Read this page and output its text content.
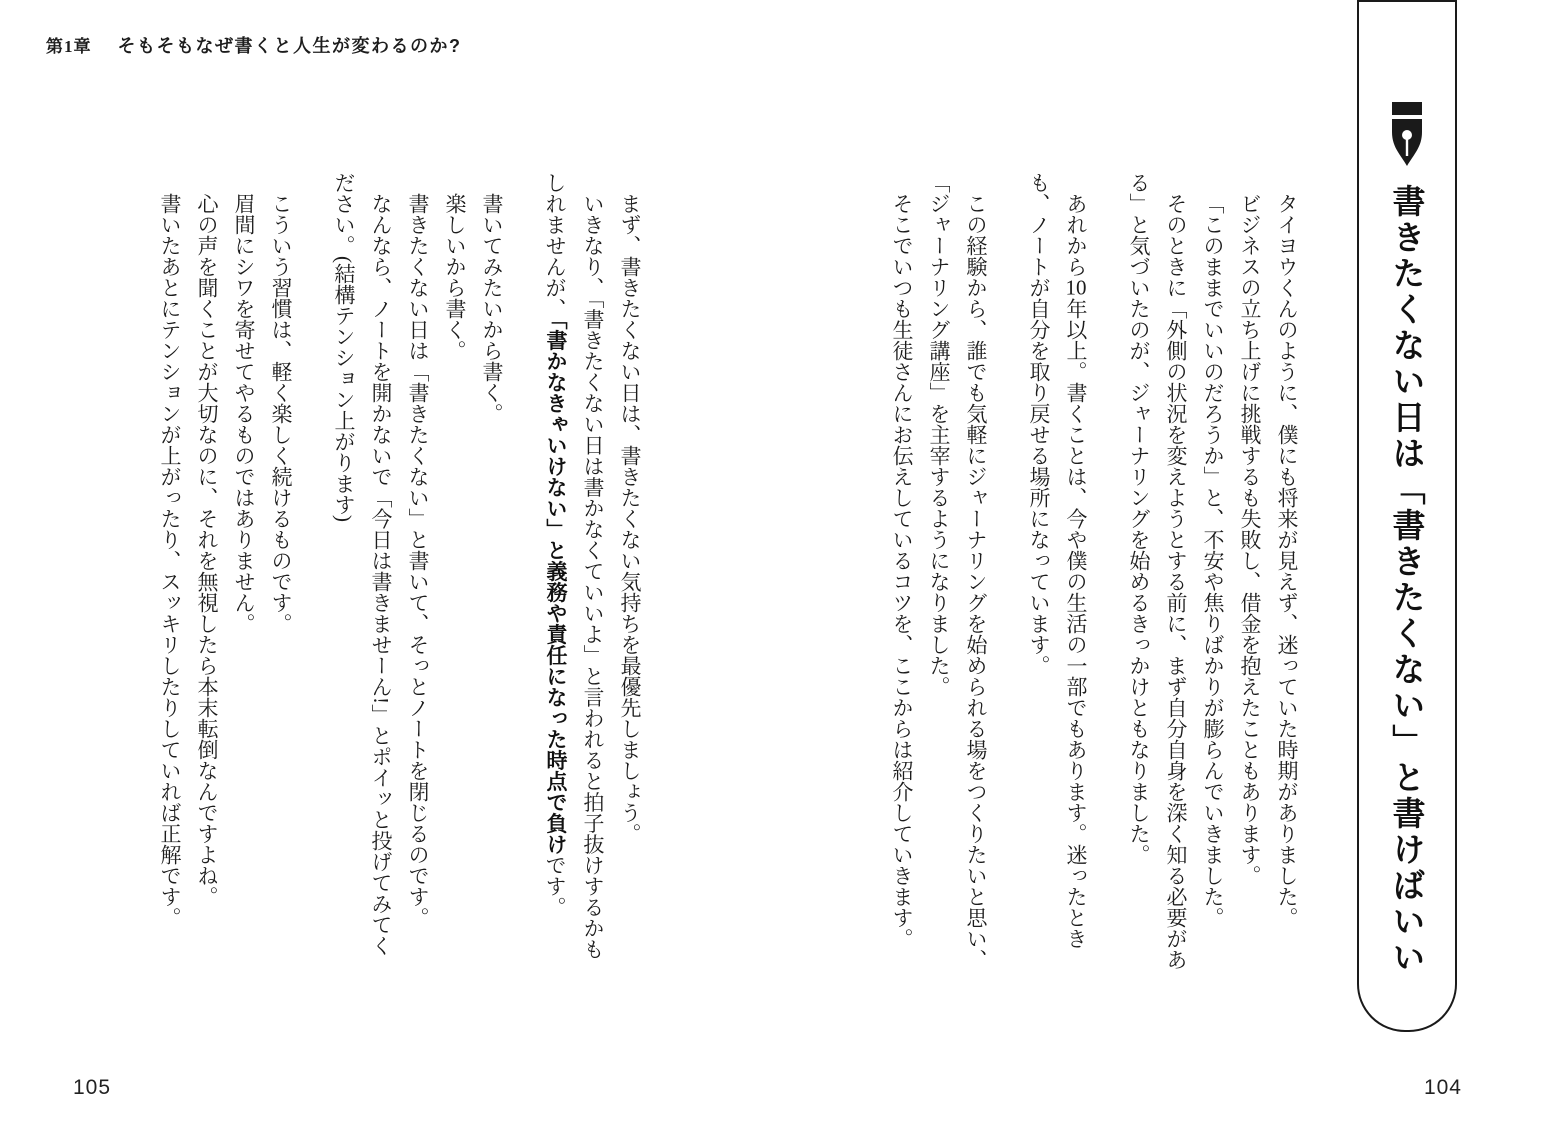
第1章 そもそもなぜ書くと人生が変わるのか?

タイヨウくんのように、僕にも将来が見えず、迷っていた時期がありました。

ビジネスの立ち上げに挑戦するも失敗し、借金を抱えたこともあります。

「このままでいいのだろうか」と、不安や焦りばかりが膨らんでいきました。

そのときに「外側の状況を変えようとする前に、まず自分自身を深く知る必要がある」と気づいたのが、ジャーナリングを始めるきっかけともなりました。

あれから10年以上。書くことは、今や僕の生活の一部でもあります。迷ったときも、ノートが自分を取り戻せる場所になっています。

この経験から、誰でも気軽にジャーナリングを始められる場をつくりたいと思い、「ジャーナリング講座」を主宰するようになりました。

そこでいつも生徒さんにお伝えしているコツを、ここからは紹介していきます。

まず、書きたくない日は、書きたくない気持ちを最優先しましょう。

いきなり、「書きたくない日は書かなくていいよ」と言われると拍子抜けするかもしれませんが、「書かなきゃいけない」と義務や責任になった時点で負けです。

書いてみたいから書く。

楽しいから書く。

書きたくない日は「書きたくない」と書いて、そっとノートを閉じるのです。

なんなら、ノートを開かないで「今日は書きませーん!」とポイッと投げてみてください。(結構テンション上がります)

こういう習慣は、軽く楽しく続けるものです。

眉間にシワを寄せてやるものではありません。

心の声を聞くことが大切なのに、それを無視したら本末転倒なんですよね。

書いたあとにテンションが上がったり、スッキリしたりしていれば正解です。	書きたくない日は「書きたくない」と書けばいい
105	104
